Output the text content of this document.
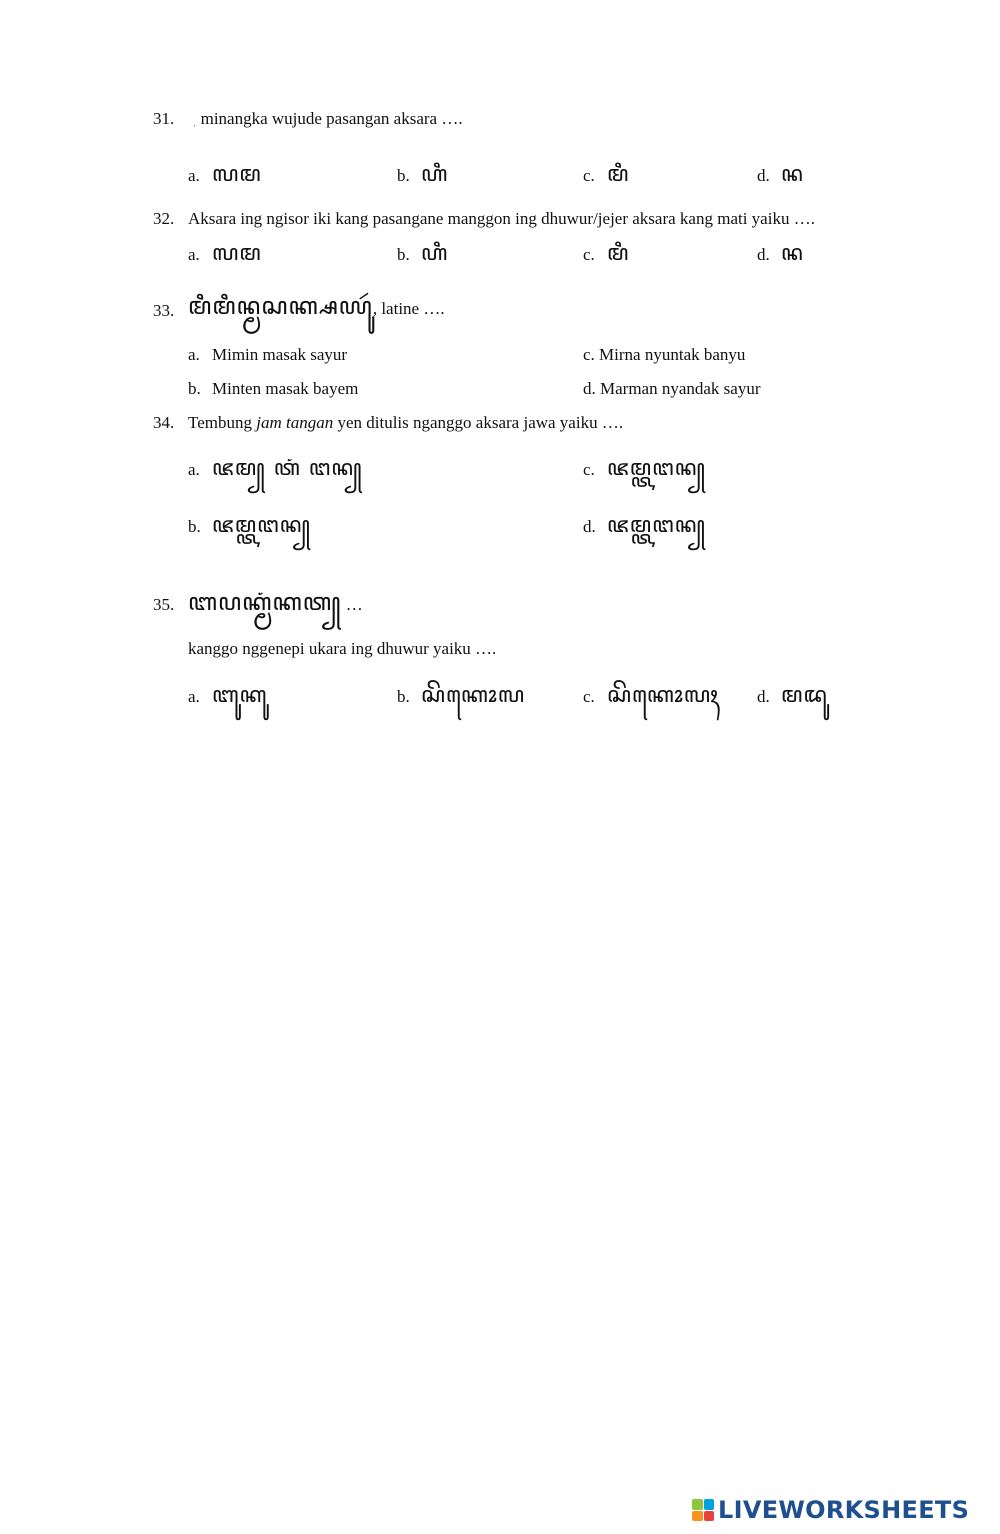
31. ˌ minangka wujude pasangan aksara ….
a. ꦭꦩ	b. ꦲꦶ	c. ꦩꦶ	d. ꦤ
32. Aksara ing ngisor iki kang pasangane manggon ing dhuwur/jejer aksara kang mati yaiku ….
a. ꦭꦩ	b. ꦲꦶ	c. ꦩꦶ	d. ꦤ
33. ꦩꦶꦩꦶꦤ꧀ꦩꦱꦏ꧀ꦱꦪꦸꦂ, latine ….
a. Mimin masak sayur	c. Mirna nyuntak banyu
b. Minten masak bayem	d. Marman nyandak sayur
34. Tembung jam tangan yen ditulis nganggo aksara jawa yaiku ….
a. ꦗꦩ꧀ ꦠꦁ ꦔꦤ꧀	c. ꦗꦩ꧀ꦠꦔꦤ꧀
b. ꦗꦩ꧀ꦠꦔꦤ꧀	d. ꦗꦩ꧀ꦠꦔꦤ꧀
35. ꦧꦥꦏ꧀ꦩꦁꦏꦠ꧀ …
kanggo nggenepi ukara ing dhuwur yaiku ….
a. ꦧꦸꦏꦸ	b. ꦱꦼꦏꦺꦴꦭ	c. ꦱꦼꦏꦺꦴꦭꦃ d. ꦩꦢꦸ
LIVEWORKSHEETS
